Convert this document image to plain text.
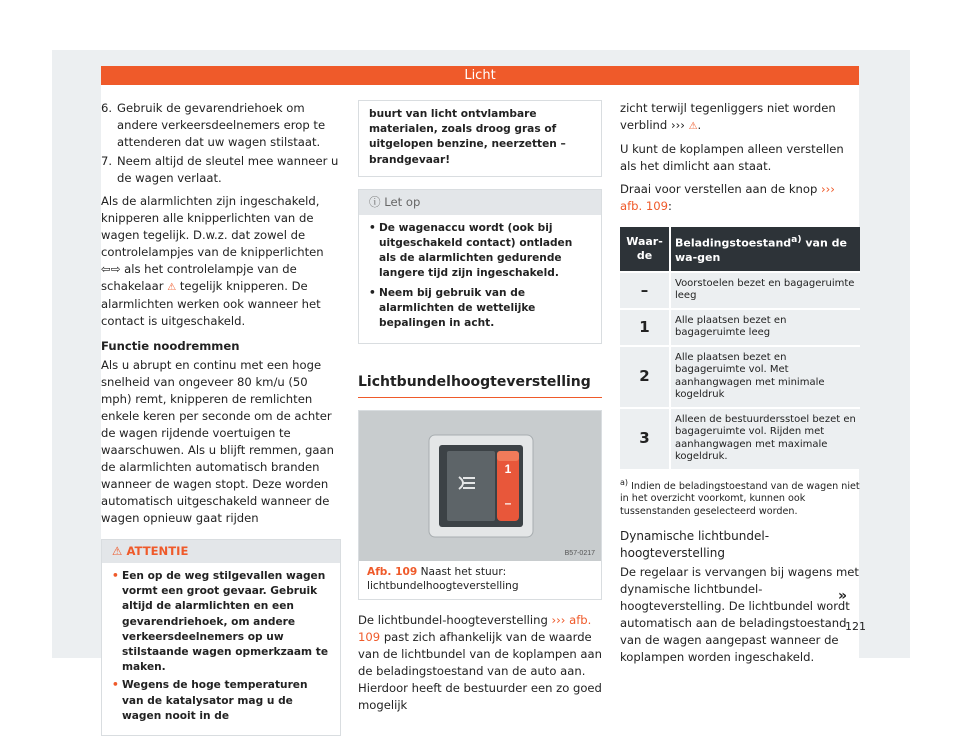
Licht
6. Gebruik de gevarendriehoek om andere verkeersdeelnemers erop te attenderen dat uw wagen stilstaat.
7. Neem altijd de sleutel mee wanneer u de wagen verlaat.

Als de alarmlichten zijn ingeschakeld, knipperen alle knipperlichten van de wagen tegelijk. D.w.z. dat zowel de controlelampjes van de knipperlichten ⇦⇨ als het controlelampje van de schakelaar ⚠ tegelijk knipperen. De alarmlichten werken ook wanneer het contact is uitgeschakeld.

Functie noodremmen

Als u abrupt en continu met een hoge snelheid van ongeveer 80 km/u (50 mph) remt, knipperen de remlichten enkele keren per seconde om de achter de wagen rijdende voertuigen te waarschuwen. Als u blijft remmen, gaan de alarmlichten automatisch branden wanneer de wagen stopt. Deze worden automatisch uitgeschakeld wanneer de wagen opnieuw gaat rijden

⚠ ATTENTIE
• Een op de weg stilgevallen wagen vormt een groot gevaar. Gebruik altijd de alarmlichten en een gevarendriehoek, om andere verkeersdeelnemers op uw stilstaande wagen opmerkzaam te maken.
• Wegens de hoge temperaturen van de katalysator mag u de wagen nooit in de
buurt van licht ontvlambare materialen, zoals droog gras of uitgelopen benzine, neerzetten – brandgevaar!
ⓘ Let op
• De wagenaccu wordt (ook bij uitgeschakeld contact) ontladen als de alarmlichten gedurende langere tijd zijn ingeschakeld.
• Neem bij gebruik van de alarmlichten de wettelijke bepalingen in acht.
Lichtbundelhoogteverstelling
1
–
B57-0217
Afb. 109 Naast het stuur: lichtbundelhoogteverstelling

De lichtbundel-hoogteverstelling ››› afb. 109 past zich afhankelijk van de waarde van de lichtbundel van de koplampen aan de beladingstoestand van de auto aan. Hierdoor heeft de bestuurder een zo goed mogelijk

zicht terwijl tegenliggers niet worden verblind ››› ⚠.

U kunt de koplampen alleen verstellen als het dimlicht aan staat.

Draai voor verstellen aan de knop ››› afb. 109:

Waar-de	Beladingstoestand$^{a)}$ van de wa-gen
–	Voorstoelen bezet en bagageruimte leeg
1	Alle plaatsen bezet en bagageruimte leeg
2	Alle plaatsen bezet en bagageruimte vol. Met aanhangwagen met minimale kogeldruk
3	Alleen de bestuurdersstoel bezet en bagageruimte vol. Rijden met aanhangwagen met maximale kogeldruk.

$^{a)}$ Indien de beladingstoestand van de wagen niet in het overzicht voorkomt, kunnen ook tussenstanden geselecteerd worden.

Dynamische lichtbundel-hoogteverstelling

De regelaar is vervangen bij wagens met dynamische lichtbundel-hoogteverstelling. De lichtbundel wordt automatisch aan de beladingstoestand van de wagen aangepast wanneer de koplampen worden ingeschakeld.

»
121
